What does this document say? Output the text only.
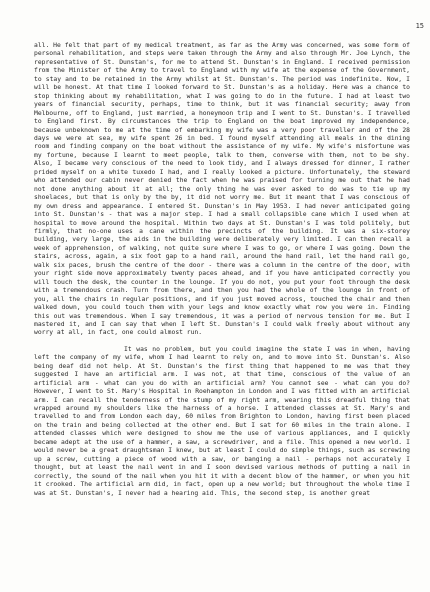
15

all. He felt that part of my medical treatment, as far as the Army was concerned, was some form of personal rehabilitation, and steps were taken through the Army and also through Mr. Joe Lynch, the representative of St. Dunstan's, for me to attend St. Dunstan's in England. I received permission from the Minister of the Army to travel to England with my wife at the expense of the Government, to stay and to be retained in the Army whilst at St. Dunstan's. The period was indefinite. Now, I will be honest. At that time I looked forward to St. Dunstan's as a holiday. Here was a chance to stop thinking about my rehabilitation, what I was going to do in the future. I had at least two years of financial security, perhaps, time to think, but it was financial security; away from Melbourne, off to England, just married, a honeymoon trip and I went to St. Dunstan's. I travelled to England first. By circumstances the trip to England on the boat improved my independence, because unbeknown to me at the time of embarking my wife was a very poor traveller and of the 28 days we were at sea, my wife spent 26 in bed. I found myself attending all meals in the dining room and finding company on the boat without the assistance of my wife. My wife's misfortune was my fortune, because I learnt to meet people, talk to them, converse with them, not to be shy. Also, I became very conscious of the need to look tidy, and I always dressed for dinner, I rather prided myself on a white tuxedo I had, and I really looked a picture. Unfortunately, the steward who attended our cabin never denied the fact when he was praised for turning me out that he had not done anything about it at all; the only thing he was ever asked to do was to tie up my shoelaces, but that is only by the by, it did not worry me. But it meant that I was conscious of my own dress and appearance. I entered St. Dunstan's in May 1953. I had never anticipated going into St. Dunstan's - that was a major step. I had a small collapsible cane which I used when at hospital to move around the hospital. Within two days at St. Dunstan's I was told politely, but firmly, that no-one uses a cane within the precincts of the building. It was a six-storey building, very large, the aids in the building were deliberately very limited. I can then recall a week of apprehension, of walking, not quite sure where I was to go, or where I was going. Down the stairs, across, again, a six foot gap to a hand rail, around the hand rail, let the hand rail go, walk six paces, brush the centre of the door - there was a column in the centre of the door, with your right side move approximately twenty paces ahead, and if you have anticipated correctly you will touch the desk, the counter in the lounge. If you do not, you put your foot through the desk with a tremendous crash. Turn from there, and then you had the whole of the lounge in front of you, all the chairs in regular positions, and if you just moved across, touched the chair and then walked down, you could touch them with your legs and know exactly what row you were in. Finding this out was tremendous. When I say tremendous, it was a period of nervous tension for me. But I mastered it, and I can say that when I left St. Dunstan's I could walk freely about without any worry at all, in fact, one could almost run.

It was no problem, but you could imagine the state I was in when, having left the company of my wife, whom I had learnt to rely on, and to move into St. Dunstan's. Also being deaf did not help. At St. Dunstan's the first thing that happened to me was that they suggested I have an artificial arm. I was not, at that time, conscious of the value of an artificial arm - what can you do with an artificial arm? You cannot see - what can you do? However, I went to St. Mary's Hospital in Roehampton in London and I was fitted with an artificial arm. I can recall the tenderness of the stump of my right arm, wearing this dreadful thing that wrapped around my shoulders like the harness of a horse. I attended classes at St. Mary's and travelled to and from London each day, 60 miles from Brighton to London, having first been placed on the train and being collected at the other end. But I sat for 60 miles in the train alone. I attended classes which were designed to show me the use of various appliances, and I quickly became adept at the use of a hammer, a saw, a screwdriver, and a file. This opened a new world. I would never be a great draughtsman I knew, but at least I could do simple things, such as screwing up a screw, cutting a piece of wood with a saw, or banging a nail - perhaps not accurately I thought, but at least the nail went in and I soon devised various methods of putting a nail in correctly, the sound of the nail when you hit it with a decent blow of the hammer, or when you hit it crooked. The artificial arm did, in fact, open up a new world; but throughout the whole time I was at St. Dunstan's, I never had a hearing aid. This, the second step, is another great
